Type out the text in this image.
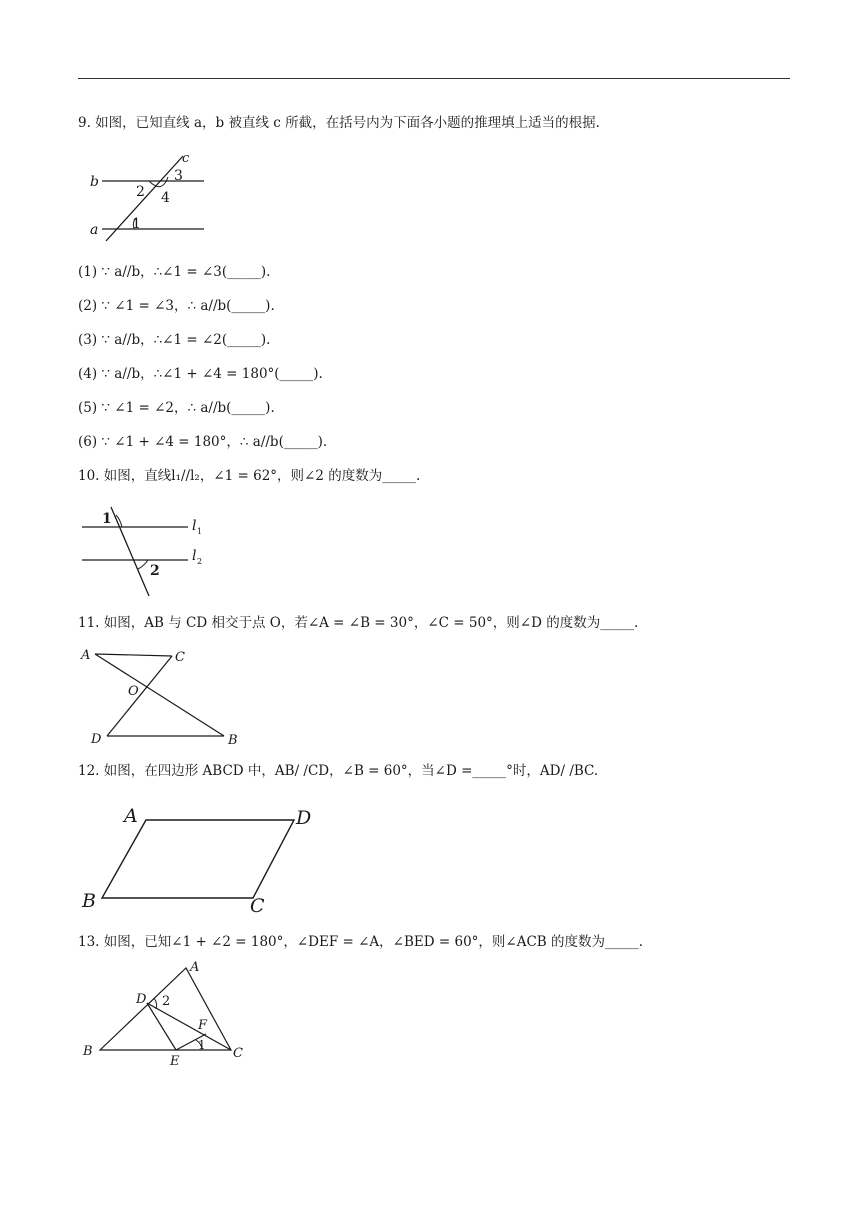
9. 如图，已知直线 a，b 被直线 c 所截，在括号内为下面各小题的推理填上适当的根据.
b
a
c
3
2 4
1
(1) ∵ a//b，∴∠1 = ∠3(_____).
(2) ∵ ∠1 = ∠3，∴ a//b(_____).
(3) ∵ a//b，∴∠1 = ∠2(_____).
(4) ∵ a//b，∴∠1 + ∠4 = 180°(_____).
(5) ∵ ∠1 = ∠2，∴ a//b(_____).
(6) ∵ ∠1 + ∠4 = 180°，∴ a//b(_____).
10. 如图，直线l₁//l₂，∠1 = 62°，则∠2 的度数为_____.
1
2
l 1
l 2
11. 如图，AB 与 CD 相交于点 O，若∠A = ∠B = 30°，∠C = 50°，则∠D 的度数为_____.
A	C
O
D	B
12. 如图，在四边形 ABCD 中，AB/ /CD，∠B = 60°，当∠D =_____°时，AD/ /BC.
A	D
B	C
13. 如图，已知∠1 + ∠2 = 180°，∠DEF = ∠A，∠BED = 60°，则∠ACB 的度数为_____.
A
D 2
F
1
B
E
C
